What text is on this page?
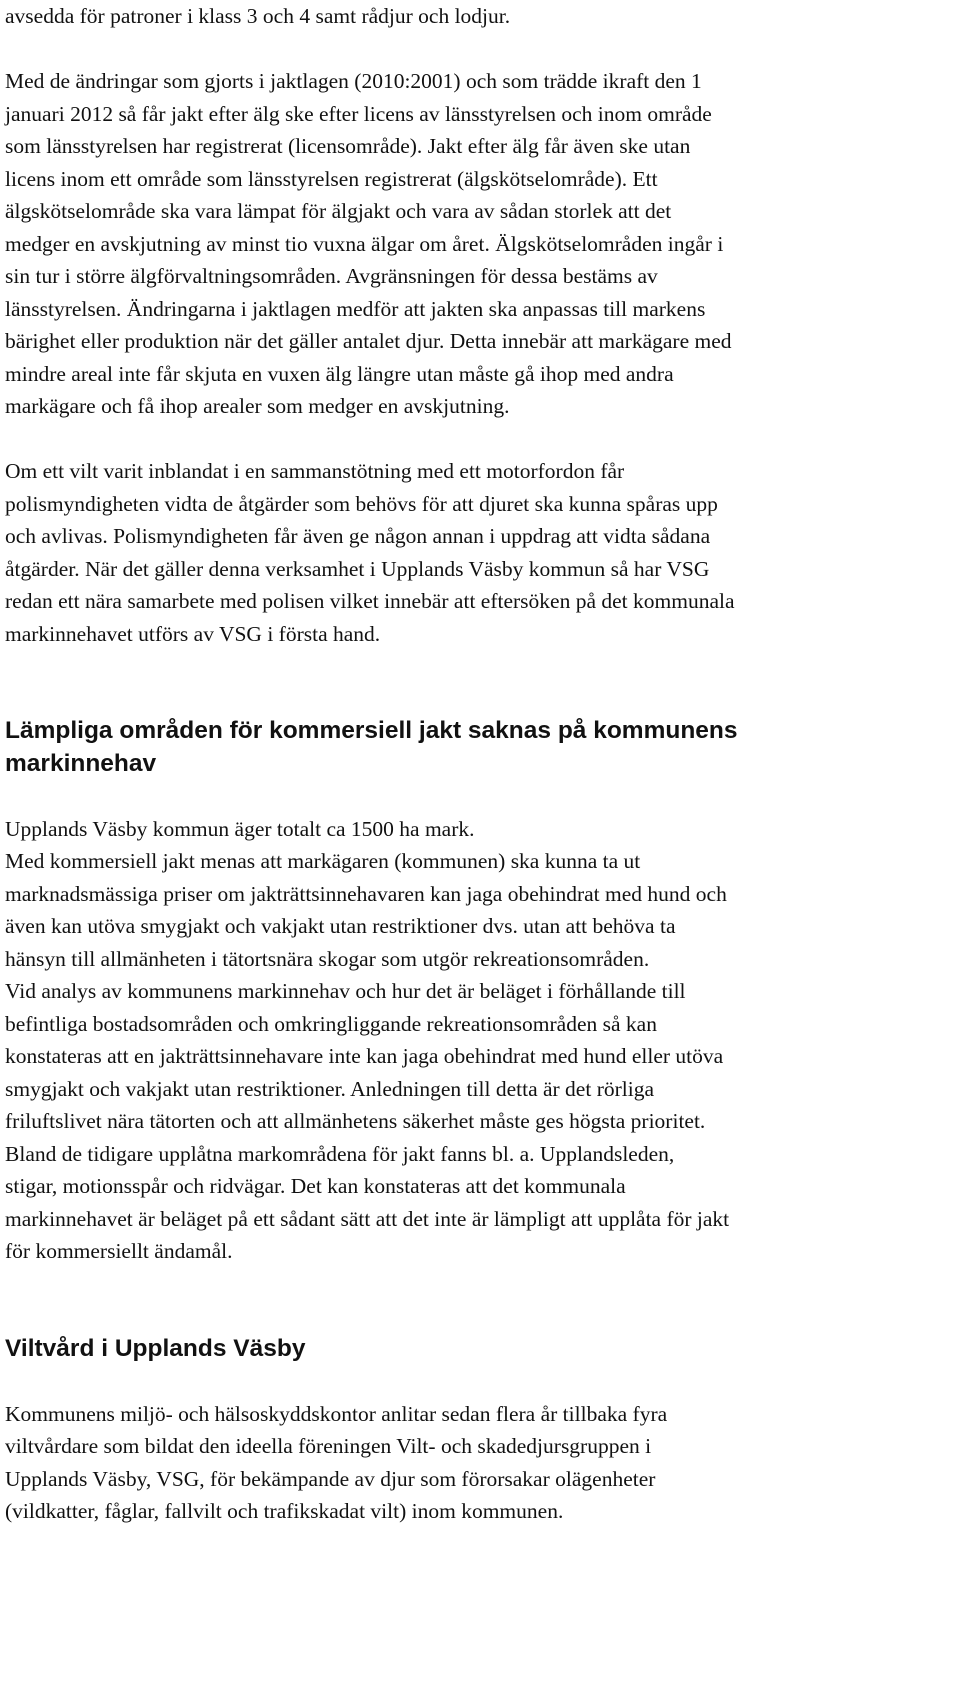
avsedda för patroner i klass 3 och 4 samt rådjur och lodjur.
Med de ändringar som gjorts i jaktlagen (2010:2001) och som trädde ikraft den 1
januari 2012 så får jakt efter älg ske efter licens av länsstyrelsen och inom område
som länsstyrelsen har registrerat (licensområde). Jakt efter älg får även ske utan
licens inom ett område som länsstyrelsen registrerat (älgskötselområde). Ett
älgskötselområde ska vara lämpat för älgjakt och vara av sådan storlek att det
medger en avskjutning av minst tio vuxna älgar om året. Älgskötselområden ingår i
sin tur i större älgförvaltningsområden. Avgränsningen för dessa bestäms av
länsstyrelsen. Ändringarna i jaktlagen medför att jakten ska anpassas till markens
bärighet eller produktion när det gäller antalet djur. Detta innebär att markägare med
mindre areal inte får skjuta en vuxen älg längre utan måste gå ihop med andra
markägare och få ihop arealer som medger en avskjutning.
Om ett vilt varit inblandat i en sammanstötning med ett motorfordon får
polismyndigheten vidta de åtgärder som behövs för att djuret ska kunna spåras upp
och avlivas. Polismyndigheten får även ge någon annan i uppdrag att vidta sådana
åtgärder. När det gäller denna verksamhet i Upplands Väsby kommun så har VSG
redan ett nära samarbete med polisen vilket innebär att eftersöken på det kommunala
markinnehavet utförs av VSG i första hand.
Lämpliga områden för kommersiell jakt saknas på kommunens
markinnehav
Upplands Väsby kommun äger totalt ca 1500 ha mark.
Med kommersiell jakt menas att markägaren (kommunen) ska kunna ta ut
marknadsmässiga priser om jakträttsinnehavaren kan jaga obehindrat med hund och
även kan utöva smygjakt och vakjakt utan restriktioner dvs. utan att behöva ta
hänsyn till allmänheten i tätortsnära skogar som utgör rekreationsområden.
Vid analys av kommunens markinnehav och hur det är beläget i förhållande till
befintliga bostadsområden och omkringliggande rekreationsområden så kan
konstateras att en jakträttsinnehavare inte kan jaga obehindrat med hund eller utöva
smygjakt och vakjakt utan restriktioner. Anledningen till detta är det rörliga
friluftslivet nära tätorten och att allmänhetens säkerhet måste ges högsta prioritet.
Bland de tidigare upplåtna markområdena för jakt fanns bl. a. Upplandsleden,
stigar, motionsspår och ridvägar. Det kan konstateras att det kommunala
markinnehavet är beläget på ett sådant sätt att det inte är lämpligt att upplåta för jakt
för kommersiellt ändamål.
Viltvård i Upplands Väsby
Kommunens miljö- och hälsoskyddskontor anlitar sedan flera år tillbaka fyra
viltvårdare som bildat den ideella föreningen Vilt- och skadedjursgruppen i
Upplands Väsby, VSG, för bekämpande av djur som förorsakar olägenheter
(vildkatter, fåglar, fallvilt och trafikskadat vilt) inom kommunen.
